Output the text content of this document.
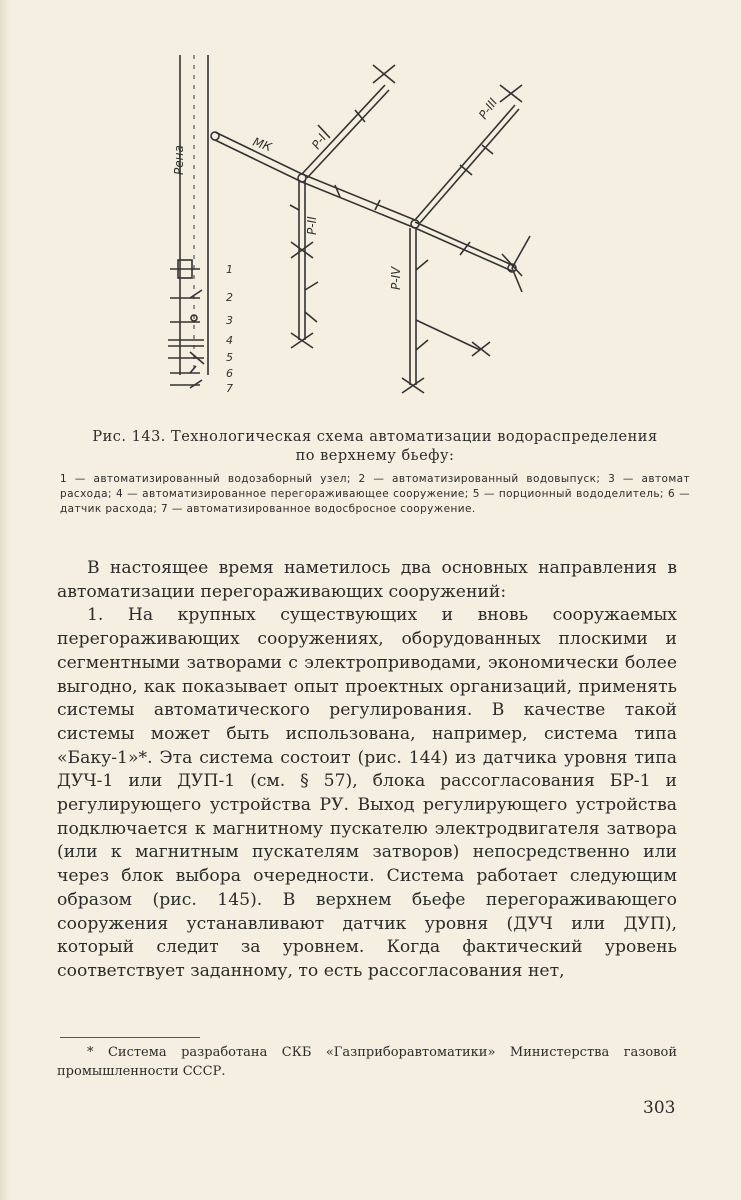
Рена
МК	Р-I
Р-III
Р-II
Р-IV
1
2
3
4
5
6
7
Рис. 143. Технологическая схема автоматизации водораспределения
по верхнему бьефу:
1 — автоматизированный водозаборный узел; 2 — автоматизированный водовыпуск; 3 — автомат расхода; 4 — автоматизированное перегораживающее сооружение; 5 — порционный вододелитель; 6 — датчик расхода; 7 — автоматизированное водосбросное сооружение.

В настоящее время наметилось два основных направления в автоматизации перегораживающих сооружений:

1. На крупных существующих и вновь сооружаемых перегораживающих сооружениях, оборудованных плоскими и сегментными затворами с электроприводами, экономически более выгодно, как показывает опыт проектных организаций, применять системы автоматического регулирования. В качестве такой системы может быть использована, например, система типа «Баку-1»*. Эта система состоит (рис. 144) из датчика уровня типа ДУЧ-1 или ДУП-1 (см. § 57), блока рассогласования БР-1 и регулирующего устройства РУ. Выход регулирующего устройства подключается к магнитному пускателю электродвигателя затвора (или к магнитным пускателям затворов) непосредственно или через блок выбора очередности. Система работает следующим образом (рис. 145). В верхнем бьефе перегораживающего сооружения устанавливают датчик уровня (ДУЧ или ДУП), который следит за уровнем. Когда фактический уровень соответствует заданному, то есть рассогласования нет,

* Система разработана СКБ «Газприборавтоматики» Министерства газовой промышленности СССР.

303
